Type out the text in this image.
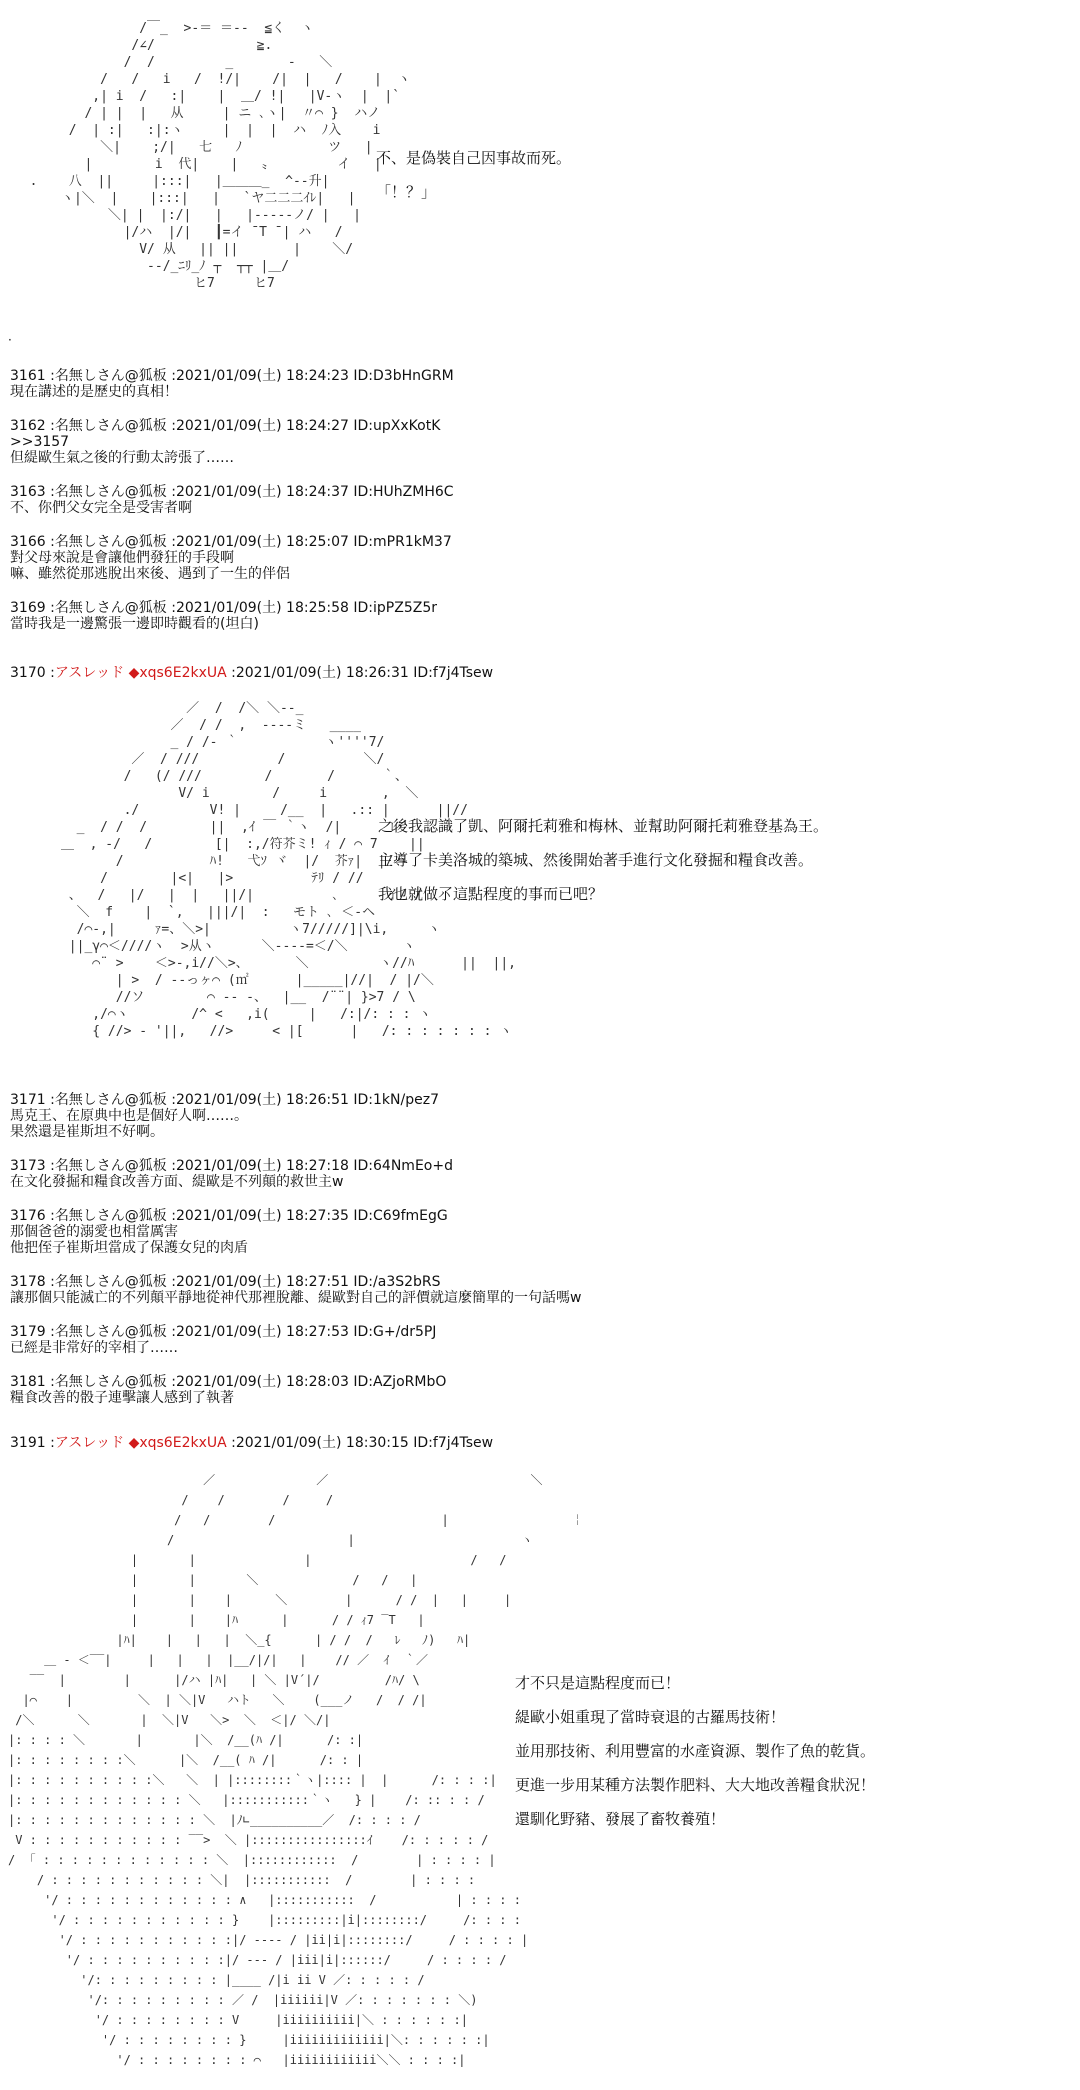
/￣_  >‐＝ ＝‐‐  ≦く  ヽ
/∠/             ≧.
/  /         _       ‐   ＼
/   /   i   /  !/|    /|  |   /    |  ヽ
,| i  /   :|    |  ＿/ !|   |V-ヽ  |  |`
/ | |  |   从     | ニ ､ヽ|  〃⌒ }  ハノ
/  | :|   :|:ヽ     |  |  |  ハ  ﾉ入    i
＼|    ;/|   七   ﾉ           ツ   |
|        i  代|    |   〟        イ   |
.    八  ||     |:::|   |＿＿＿_  ^‐‐升|
ヽ|＼  |    |:::|   |   `ヤ二二二ｲﾚ|   |
＼| |  |:/|   |   |‐‐‐‐‐ノ/ |   |
|/ハ  |/|   ┃=イ ̄ ̄T ̄ | ハ   /
V/ 从   || ||       |    ＼/
‐‐/_ﾆﾘ_ﾉ ┬  ┬┬ |＿/
ヒ7     ヒ7

不、是偽裝自己因事故而死。

「！？」

·
3161 :名無しさん@狐板 :2021/01/09(土) 18:24:23 ID:D3bHnGRM
現在講述的是歷史的真相！
3162 :名無しさん@狐板 :2021/01/09(土) 18:24:27 ID:upXxKotK
>>3157
但緹歐生氣之後的行動太誇張了……
3163 :名無しさん@狐板 :2021/01/09(土) 18:24:37 ID:HUhZMH6C
不、你們父女完全是受害者啊
3166 :名無しさん@狐板 :2021/01/09(土) 18:25:07 ID:mPR1kM37
對父母來說是會讓他們發狂的手段啊
嘛、雖然從那逃脫出來後、遇到了一生的伴侶
3169 :名無しさん@狐板 :2021/01/09(土) 18:25:58 ID:ipPZ5Z5r
當時我是一邊驚張一邊即時觀看的(坦白)
3170 :アスレッド ◆xqs6E2kxUA :2021/01/09(土) 18:26:31 ID:f7j4Tsew
／  /  /＼ ＼‐-_
／  / /  ,  ‐‐‐‐ミ   ____
_ / /‐ ｀           ヽ''''7/
／  / ///          /          ＼/
/   (/ ///        /       /      ｀、
V/ i        /     i       ,  ＼
./         V! |     /__  |   .:: |      ||//
_  / /  /        ||  ,ｲ ￣ ｀ヽ  /|      レ'
＿  , -/   /        [|  :,/符芥ミ! ｨ / ⌒ 7    ||
/           ﾊ!   弋ｿ ヾ  |/  芥ｧ|  |/ハ
/        |<|   |>          ﾃﾘ / //
、  /   |/   |  |   ||/|          ､      イ/ /  ハ
＼  f    |  `,   |||/|  :   モト ､ ＜‐ヘ
/⌒‐,|     ｧ=、＼>|          ヽ7/////]|\i,     ヽ
||_γ⌒＜////ヽ  >从ヽ      ＼‐‐‐‐=＜/＼       ヽ
⌒¨ >    ＜>‐,i//＼>、      ＼         ヽ//ﾊ      ||  ||,
| >  / ‐‐っヶ⌒ (㎡      |_____|//|  / |/＼
//ソ        ⌒ ‐‐ -、  |__  /¨¨| }>7 / \
,/⌒ヽ        /^ <   ,i(     |   /:|/: : : ヽ
{ //> ‐ '||,   //>     < |[      |   /: : : : : : : ヽ

之後我認識了凱、阿爾托莉雅和梅林、並幫助阿爾托莉雅登基為王。

主導了卡美洛城的築城、然後開始著手進行文化發掘和糧食改善。

我也就做了這點程度的事而已吧？

3171 :名無しさん@狐板 :2021/01/09(土) 18:26:51 ID:1kN/pez7
馬克王、在原典中也是個好人啊……。
果然還是崔斯坦不好啊。
3173 :名無しさん@狐板 :2021/01/09(土) 18:27:18 ID:64NmEo+d
在文化發掘和糧食改善方面、緹歐是不列顛的救世主w
3176 :名無しさん@狐板 :2021/01/09(土) 18:27:35 ID:C69fmEgG
那個爸爸的溺愛也相當厲害
他把侄子崔斯坦當成了保護女兒的肉盾
3178 :名無しさん@狐板 :2021/01/09(土) 18:27:51 ID:/a3S2bRS
讓那個只能滅亡的不列顛平靜地從神代那裡脫離、緹歐對自己的評價就這麼簡單的一句話嗎w
3179 :名無しさん@狐板 :2021/01/09(土) 18:27:53 ID:G+/dr5PJ
已經是非常好的宰相了……
3181 :名無しさん@狐板 :2021/01/09(土) 18:28:03 ID:AZjoRMbO
糧食改善的骰子連擊讓人感到了執著
3191 :アスレッド ◆xqs6E2kxUA :2021/01/09(土) 18:30:15 ID:f7j4Tsew
／              ／                            ＼
/    /        /     /
/   /        /                       |                 ￤
/                        |                       ヽ
|       |               |                      /   /
|       |       ＼             /   /   |
|       |    |      ＼        |      / /  |   |     |
|       |    |ﾊ      |      / / ｨ7 ‾T   |
|ﾊ|    |   |   |  ＼_{      | / /  /   ﾚ   ﾉ)   ﾊ|
＿ ‐ ＜‾‾|     |   |   |  |__/|/|   |    // ／  ｲ  ｀／
‾‾  |        |      |/ハ |ﾊ|   | ＼ |V´|/         /ﾊ/ \
|⌒    |         ＼  | ＼|V   ハト   ＼    (___ノ   /  / /|
/＼      ＼       |  ＼|V   ＼>  ＼  ＜|/ ＼/|
|: : : : ＼       |       |＼  /__(ﾊ /|      /: :|
|: : : : : : : :＼      |＼  /__( ﾊ /|      /: : |
|: : : : : : : : : :＼   ＼  | |::::::::｀ヽ|:::: |  |      /: : : :|
|: : : : : : : : : : : : ＼   |:::::::::::｀ヽ   } |    /: :: : : /
|: : : : : : : : : : : : : ＼  |ﾉ∟__________／  /: : : : /
V : : : : : : : : : : : ‾‾>  ＼ |::::::::::::::::ｲ    /: : : : : /
/  ｢ : : : : : : : : : : : : ＼  |::::::::::::  /        | : : : : |
/ : : : : : : : : : : : ＼|  |:::::::::::  /        | : : : :
'/ : : : : : : : : : : : : ∧   |:::::::::::  /           | : : : :
'/ : : : : : : : : : : : }    |:::::::::|i|::::::::/     /: : : :
'/ : : : : : : : : : : :|/ ‐‐‐‐ / |ii|i|::::::::/     / : : : : |
'/ : : : : : : : : : :|/ ‐‐‐ / |iii|i|::::::/     / : : : : /
'/: : : : : : : : : |____ /|i ii V ／: : : : : /
'/: : : : : : : : : ／ /  |iiiiii|V ／: : : : : : : ＼)
'/ : : : : : : : : V     |iiiiiiiiii|＼ : : : : : :|
'/ : : : : : : : : }     |iiiiiiiiiiiii|＼: : : : : :|
'/ : : : : : : : : ⌒   |iiiiiiiiiiii＼＼ : : : :|

才不只是這點程度而已！

緹歐小姐重現了當時衰退的古羅馬技術！

並用那技術、利用豐富的水產資源、製作了魚的乾貨。

更進一步用某種方法製作肥料、大大地改善糧食狀況！

還馴化野豬、發展了畜牧養殖！
